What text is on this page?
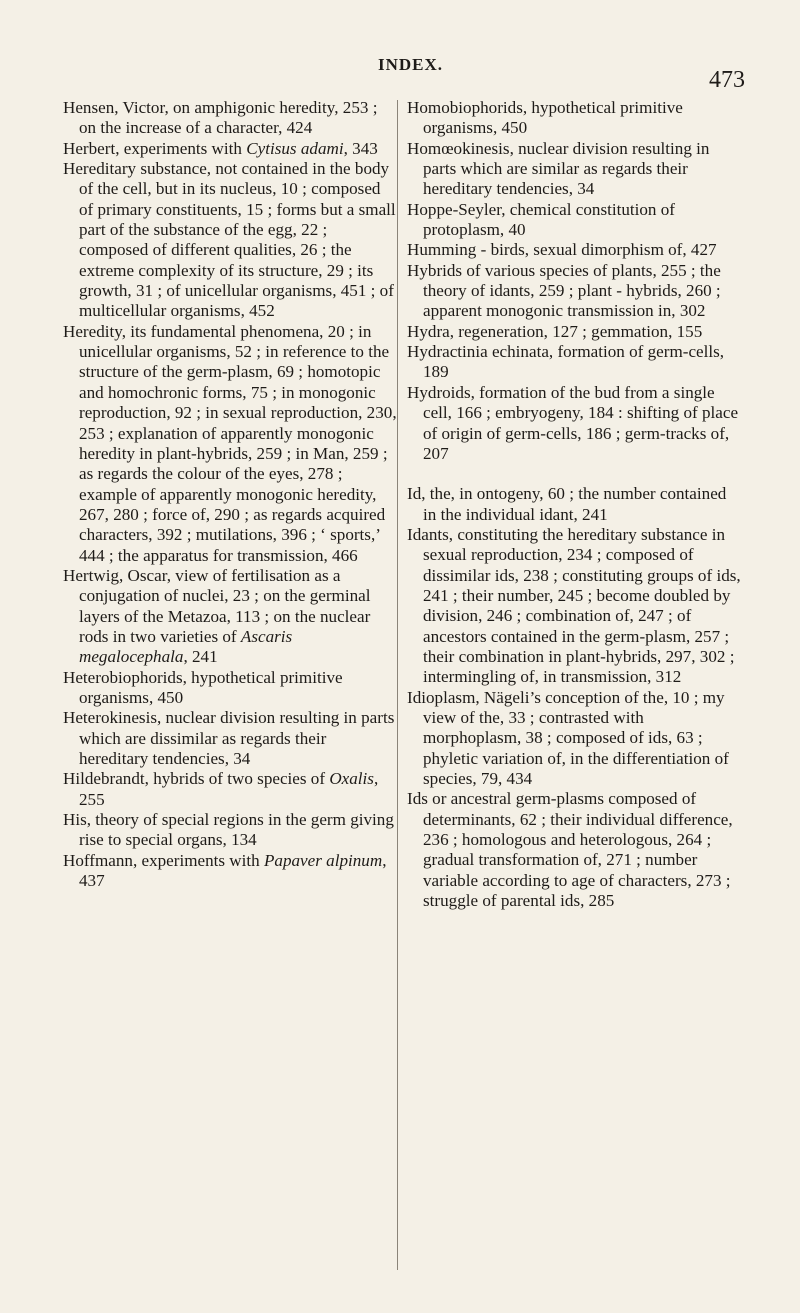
INDEX.
473

Hensen, Victor, on amphigonic heredity, 253 ; on the increase of a character, 424

Herbert, experiments with Cytisus adami, 343

Hereditary substance, not contained in the body of the cell, but in its nucleus, 10 ; composed of primary constituents, 15 ; forms but a small part of the substance of the egg, 22 ; composed of different qualities, 26 ; the extreme complexity of its structure, 29 ; its growth, 31 ; of unicellular organisms, 451 ; of multicellular organisms, 452

Heredity, its fundamental phenomena, 20 ; in unicellular organisms, 52 ; in reference to the structure of the germ-plasm, 69 ; homotopic and homochronic forms, 75 ; in monogonic reproduction, 92 ; in sexual reproduction, 230, 253 ; explanation of apparently monogonic heredity in plant-hybrids, 259 ; in Man, 259 ; as regards the colour of the eyes, 278 ; example of apparently monogonic heredity, 267, 280 ; force of, 290 ; as regards acquired characters, 392 ; mutilations, 396 ; ‘ sports,’ 444 ; the apparatus for transmission, 466

Hertwig, Oscar, view of fertilisation as a conjugation of nuclei, 23 ; on the germinal layers of the Metazoa, 113 ; on the nuclear rods in two varieties of Ascaris megalocephala, 241

Heterobiophorids, hypothetical primitive organisms, 450

Heterokinesis, nuclear division resulting in parts which are dissimilar as regards their hereditary tendencies, 34

Hildebrandt, hybrids of two species of Oxalis, 255

His, theory of special regions in the germ giving rise to special organs, 134

Hoffmann, experiments with Papaver alpinum, 437

Homobiophorids, hypothetical primitive organisms, 450

Homœokinesis, nuclear division resulting in parts which are similar as regards their hereditary tendencies, 34

Hoppe-Seyler, chemical constitution of protoplasm, 40

Humming - birds, sexual dimorphism of, 427

Hybrids of various species of plants, 255 ; the theory of idants, 259 ; plant - hybrids, 260 ; apparent monogonic transmission in, 302

Hydra, regeneration, 127 ; gemmation, 155

Hydractinia echinata, formation of germ-cells, 189

Hydroids, formation of the bud from a single cell, 166 ; embryogeny, 184 : shifting of place of origin of germ-cells, 186 ; germ-tracks of, 207

Id, the, in ontogeny, 60 ; the number contained in the individual idant, 241

Idants, constituting the hereditary substance in sexual reproduction, 234 ; composed of dissimilar ids, 238 ; constituting groups of ids, 241 ; their number, 245 ; become doubled by division, 246 ; combination of, 247 ; of ancestors contained in the germ-plasm, 257 ; their combination in plant-hybrids, 297, 302 ; intermingling of, in transmission, 312

Idioplasm, Nägeli’s conception of the, 10 ; my view of the, 33 ; contrasted with morphoplasm, 38 ; composed of ids, 63 ; phyletic variation of, in the differentiation of species, 79, 434

Ids or ancestral germ-plasms composed of determinants, 62 ; their individual difference, 236 ; homologous and heterologous, 264 ; gradual transformation of, 271 ; number variable according to age of characters, 273 ; struggle of parental ids, 285
